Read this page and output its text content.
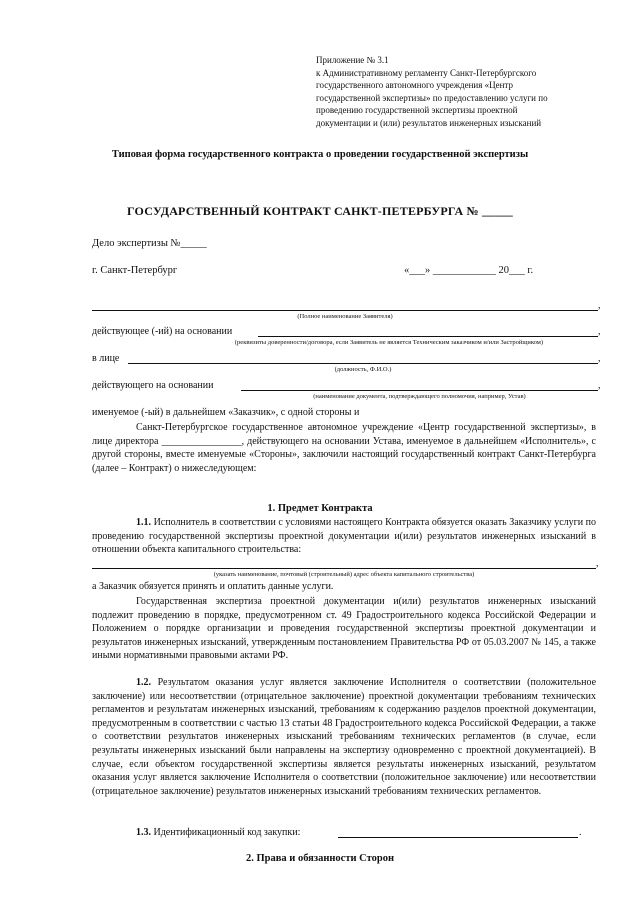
Приложение № 3.1
к Административному регламенту Санкт-Петербургского
государственного автономного учреждения «Центр
государственной экспертизы» по предоставлению услуги по
проведению государственной экспертизы проектной
документации и (или) результатов инженерных изысканий
Типовая форма государственного контракта о проведении государственной экспертизы
ГОСУДАРСТВЕННЫЙ КОНТРАКТ САНКТ-ПЕТЕРБУРГА № _____
Дело экспертизы №_____
г. Санкт-Петербург	«___» ____________ 20___ г.
,
(Полное наименование Заявителя)
действующее (-ий) на основании	,
(реквизиты доверенности/договора, если Заявитель не является Техническим заказчиком и/или Застройщиком)
в лице	,
(должность, Ф.И.О.)
действующего на основании	,
(наименование документа, подтверждающего полномочия, например, Устав)
именуемое (-ый) в дальнейшем «Заказчик», с одной стороны и

Санкт-Петербургское государственное автономное учреждение «Центр государственной экспертизы», в лице директора ________________, действующего на основании Устава, именуемое в дальнейшем «Исполнитель», с другой стороны, вместе именуемые «Стороны», заключили настоящий государственный контракт Санкт-Петербурга (далее – Контракт) о нижеследующем:

1. Предмет Контракта

1.1. Исполнитель в соответствии с условиями настоящего Контракта обязуется оказать Заказчику услуги по проведению государственной экспертизы проектной документации и(или) результатов инженерных изысканий в отношении объекта капитального строительства:

,
(указать наименование, почтовый (строительный) адрес объекта капитального строительства)
а Заказчик обязуется принять и оплатить данные услуги.

Государственная экспертиза проектной документации и(или) результатов инженерных изысканий подлежит проведению в порядке, предусмотренном ст. 49 Градостроительного кодекса Российской Федерации и Положением о порядке организации и проведения государственной экспертизы проектной документации и результатов инженерных изысканий, утвержденным постановлением Правительства РФ от 05.03.2007 № 145, а также иными нормативными правовыми актами РФ.

1.2. Результатом оказания услуг является заключение Исполнителя о соответствии (положительное заключение) или несоответствии (отрицательное заключение) проектной документации требованиям технических регламентов и результатам инженерных изысканий, требованиям к содержанию разделов проектной документации, предусмотренным в соответствии с частью 13 статьи 48 Градостроительного кодекса Российской Федерации, а также о соответствии результатов инженерных изысканий требованиям технических регламентов (в случае, если результаты инженерных изысканий были направлены на экспертизу одновременно с проектной документацией). В случае, если объектом государственной экспертизы является результаты инженерных изысканий, результатом оказания услуг является заключение Исполнителя о соответствии (положительное заключение) или несоответствии (отрицательное заключение) результатов инженерных изысканий требованиям технических регламентов.

1.3. Идентификационный код закупки:	.
2. Права и обязанности Сторон
